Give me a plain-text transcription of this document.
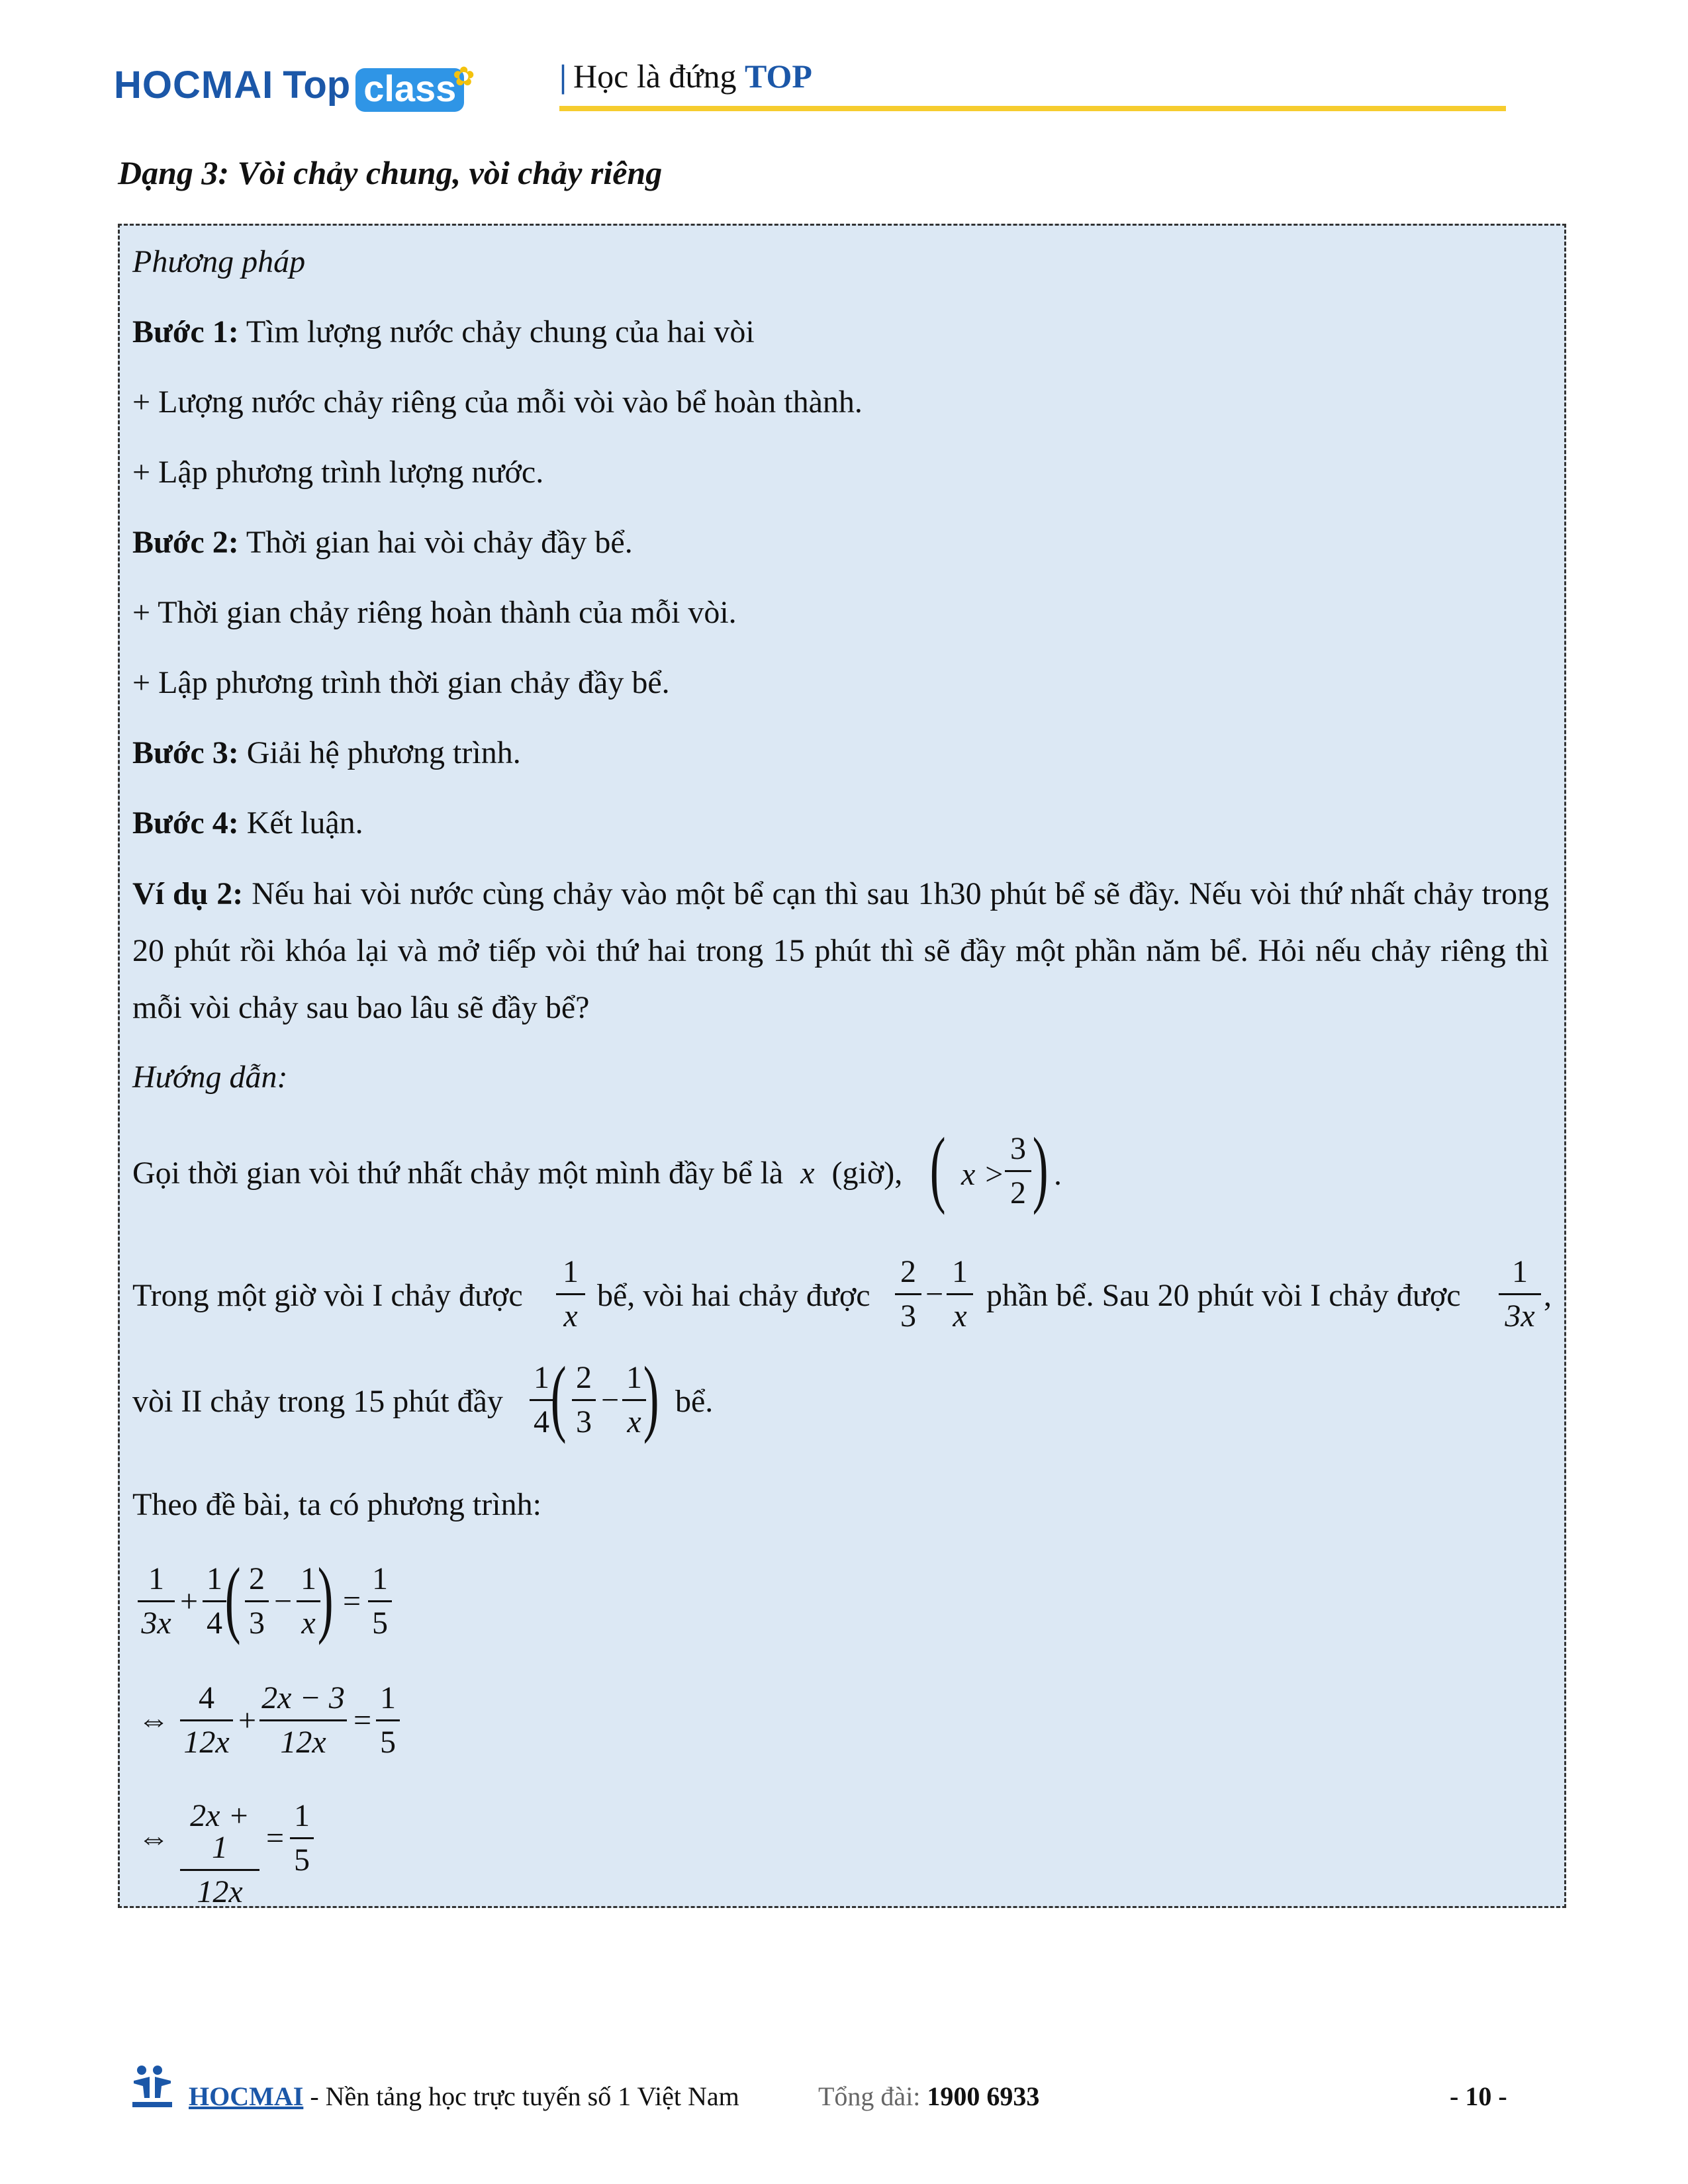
HOCMAI Top class
✿	| Học là đứng TOP
Dạng 3: Vòi chảy chung, vòi chảy riêng
Phương pháp
Bước 1: Tìm lượng nước chảy chung của hai vòi
+ Lượng nước chảy riêng của mỗi vòi vào bể hoàn thành.
+ Lập phương trình lượng nước.
Bước 2: Thời gian hai vòi chảy đầy bể.
+ Thời gian chảy riêng hoàn thành của mỗi vòi.
+ Lập phương trình thời gian chảy đầy bể.
Bước 3: Giải hệ phương trình.
Bước 4: Kết luận.
Ví dụ 2: Nếu hai vòi nước cùng chảy vào một bể cạn thì sau 1h30 phút bể sẽ đầy. Nếu vòi thứ nhất chảy trong 20 phút rồi khóa lại và mở tiếp vòi thứ hai trong 15 phút thì sẽ đầy một phần năm bể. Hỏi nếu chảy riêng thì mỗi vòi chảy sau bao lâu sẽ đầy bể?
Hướng dẫn:
Gọi thời gian vòi thứ nhất chảy một mình đầy bể là x (giờ), ( x >
3
2 ) .
Trong một giờ vòi I chảy được
1
x
bể, vòi hai chảy được
2
3
−
1
x
phần bể. Sau 20 phút vòi I chảy được
1
3x
,
vòi II chảy trong 15 phút đầy
1
4 ( 2
3
−
1
x ) bể.
Theo đề bài, ta có phương trình:
1
3x
+
1
4 ( 2
3
−
1
x ) =
1
5
⇔
4
12x
+
2x − 3
12x
=
1
5
⇔
2x + 1
12x
=
1
5
HOCMAI - Nền tảng học trực tuyến số 1 Việt Nam	Tổng đài: 1900 6933	- 10 -
